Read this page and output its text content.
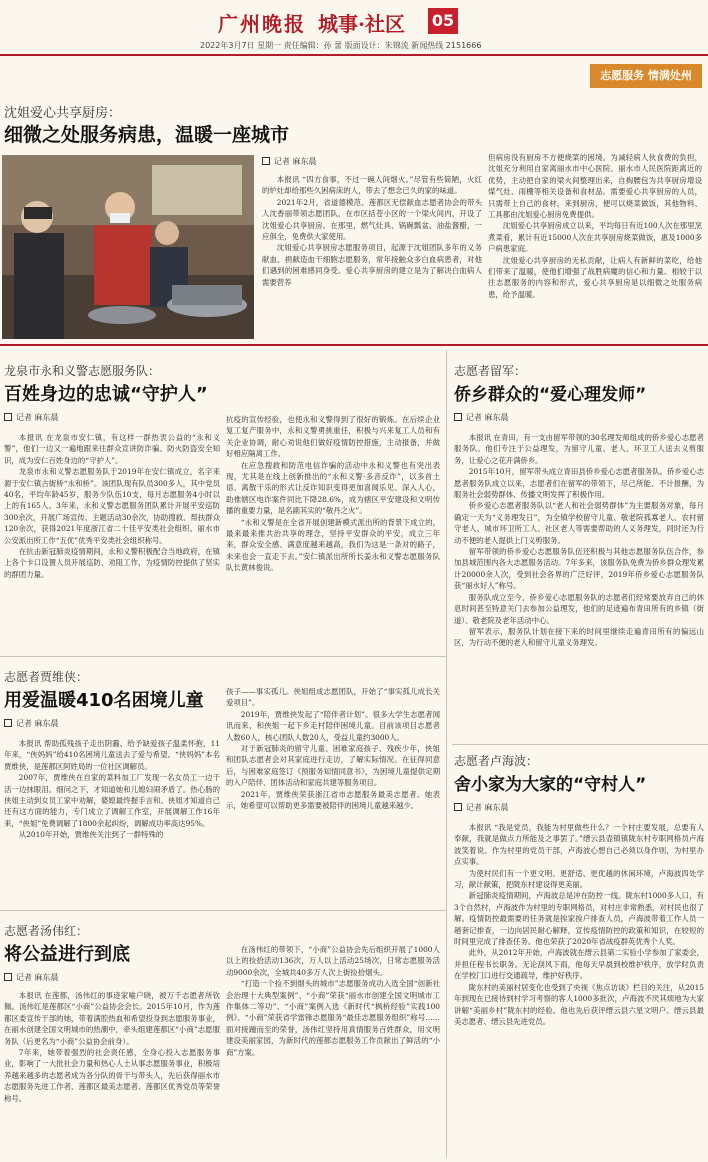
广州晚报 城事·社区 05
2022年3月7日 星期一 责任编辑：孙 蕾 版面设计：朱锦流 新闻热线 2151666
志愿服务 情满处州
沈姐爱心共享厨房：
细微之处服务病患，温暖一座城市
记者 麻东晨

本报讯 “四方食事，不过一碗人间烟火。”尽管有些简陋，火红的炉灶却给那些久困病床的人，带去了想念已久的家的味道。

2021年2月，省道德模范、莲都区无偿献血志愿者协会的带头人沈香丽带领志愿团队，在市区括苍小区的一个梁火间内，开设了沈姐爱心共享厨房。在那里，燃气灶具、锅碗瓢盆、油盐酱醋，一应俱全，免费供大家使用。

沈姐爱心共享厨房志愿服务项目，起源于沈姐团队多年的义务献血、捐献造血干细胞志愿服务，常年接触众多白血病患者，对他们遇到的困难感同身受。爱心共享厨房的建立是为了解决白血病人需要营养

但病房没有厨房不方便烧菜的困境。为减轻病人伙食费的负担，沈姐充分利用自家离丽水市中心医院、丽水市人民医院距离近的优势，主动把自家的梁火间整理出来，自掏腰包为共享厨房增设煤气灶、雨棚等相关设备和食材品。需要爱心共享厨房的人员，只需带上自己的食材，来到厨房，便可以烧菜做饭，其他物料、工具都由沈姐爱心厨房免费提供。

沈姐爱心共享厨房成立以来，平均每日有近100人次在那里烹煮菜肴，累计有近15000人次在共享厨房烧菜做饭，惠及1000多户病患家庭。

沈姐爱心共享厨房的无私贡献，让病人有新鲜的菜吃，给他们带来了温暖，使他们增强了战胜病魔的信心和力量。相较于以往志愿服务的内容和形式，爱心共享厨房是以细微之处服务病患，给予温暖。

龙泉市永和义警志愿服务队：
百姓身边的忠诚“守护人”
记者 麻东晨

本报讯 在龙泉市安仁镇，有这样一群热衷公益的“永和义警”，他们一边又一遍地跟来往群众宣讲防诈骗、防火防盗安全知识，成为安仁百姓身边的“守护人”。

龙泉市永和义警志愿服务队于2019年在安仁镇成立，名字来源于安仁镇古街桥“永和桥”。该团队现有队员300多人，其中党员40名，平均年龄45岁，服务少队伍10支，每月志愿服务4小时以上的有165人。3年来，永和义警志愿服务团队累计开展平安巡防300余次，开展广场宣传、主题活动30余次，协助搜救、帮扶群众120余次，获得2021年度浙江省二十佳平安类社会组织、丽水市公安派出所工作“五优”优秀平安类社会组织称号。

在抗击新冠肺炎疫情期间，永和义警积极配合当地政府，在镇上各个卡口设置人员开展巡防、劝阻工作，为疫情防控提供了坚实的群团力量。

抗疫的宣传经验，也使永和义警得到了很好的锻炼。在后续企业复工复产服务中，永和义警勇挑重任，积极与兴来复工人员和有关企业协调，耐心劝说他们做好疫情防控措施，主动报备，并做好相应隔离工作。

在应急搜救和防范电信诈骗的活动中永和义警也有突出表现，尤其是在线上创新推出的“永和义警·多音反诈”，以多首土语、离散干乐的形式让反诈知识变得更加喜闻乐见、深入人心，助推辖区电诈案件同比下降28.6%，成为辖区平安建设和文明传播的重要力量，是名副其实的“敬丹之火”。

“永和义警是在全省开展创建新模式派出所的背景下成立的，最来最来推共治共享的理念，坚持平安群众的平安，成立三年来，群众安全感、满意度越来越高，我们为这是一条对的路子，未来也会一直走下去。”安仁镇派出所所长姜永和义警志愿服务队队长黄林俊说。

志愿者贾维侠：
用爱温暖410名困境儿童
记者 麻东晨

本报讯 帮助孤残孩子走出阴霾、给予缺爱孩子温柔怀抱，11年来，“侠妈妈”给410名困境儿童送去了爱与希望。“侠妈妈”本名贾维侠，是莲都区阿姓局的一位社区调解员。

2007年，贾维侠在自家的菜料加工厂发现一名女员工一边干活一边抹眼泪。细问之下，才知道她和儿媳妇闹矛盾了。热心肠的侠姐主动到女员工家中劝解，婆媳最终握手言和。侠姐才知道自己还有这方面的能力，专门成立了调解工作室，开展调解工作16年来，“侠姐”免费调解了1800余起纠纷，调解成功率高达95%。

从2010年开始，贾维侠关注到了一群特殊的

孩子——事实孤儿。侠姐组成志愿团队，开始了“事实孤儿成长关爱项目”。

2019年，贾维侠发起了“陪伴者计划”。很多大学生志愿者闻讯而来，和侠姐一起下乡走村陪伴困境儿童。目前该项目志愿者人数60人，核心团队人数20人，受益儿童约3000人。

对于新冠肺炎的留守儿童、困难家庭孩子、残疾少年，侠姐和团队志愿者会对其家庭进行走访，了解实际情况。在征得同意后，与困难家庭签订《预服务知情同意书》，为困境儿童提供定期的入户陪伴、团体活动和家庭共建等服务项目。

2021年，贾维侠荣获浙江省市志愿服务最美志愿者。她表示，她希望可以帮助更多需要被陪伴的困境儿童越来越少。

志愿者汤伟红：
将公益进行到底
记者 麻东晨

本报讯 在莲都，汤伟红的事迹家喻户晓，被万千志愿者所钦佩。汤伟红是莲都区“小商”公益协会会长。2015年10月，作为莲都区委宣传干部的她，带着满腔热血和希望投身到志愿服务事业，在丽水创建全国文明城市的热潮中，牵头组建莲都区“小商”志愿服务队（后更名为“小商”公益协会前身）。

7年来，她带着强烈的社会责任感，全身心投入志愿服务事业，影响了一大批社会力量和热心人士从事志愿服务事业，积极培养越来越多的志愿者成为各分队的骨干与带头人，先后获得丽水市志愿服务先进工作者、莲都区最美志愿者、莲都区优秀党员等荣誉称号。

在汤伟红的带领下，“小商”公益协会先后组织开展了1000人以上的捡拾活动136次，万人以上活动25场次，日常志愿服务活动9000余次，全城共40多万人次上街捡拾烟头。

“打造一个捡不到烟头的城市”志愿服务成功入选全国“创新社会治理十大典型案例”、“小商”荣获“丽水市创建全国文明城市工作集体二等功”、“小商”案例入选《新时代“枫桥经验”实践100例》、“小商”荣获省学雷锋志愿服务“最佳志愿服务组织”称号……面对接踵而至的荣誉，汤伟红坚持用真情服务百姓群众，用文明建设美丽家园，为新时代的莲都志愿服务工作贡献出了鲜活的“小商”方案。

志愿者留军：
侨乡群众的“爱心理发师”
记者 麻东晨

本报讯 在青田，有一支由留军带领的30名理发师组成的侨乡爱心志愿者服务队。他们专注于公益理发，为留守儿童、老人、环卫工人送去义剪服务，让爱心之花开满侨乡。

2015年10月，留军带头成立青田县侨乡爱心志愿者服务队。侨乡爱心志愿者服务队成立以来，志愿者们在留军的带领下，尽己所能、不计报酬，为服务社会弱势群体、传播文明发挥了积极作用。

侨乡爱心志愿者服务队以“老人和社会弱势群体”为主要服务对象，每月确定一天为“义务理发日”，为全镇学校留守儿童、敬老院孤寡老人、农村留守老人、城市环卫所工人、社区老人等需要帮助的人义务理发，同时还为行动不便的老人提供上门义剪服务。

留军带领的侨乡爱心志愿服务队伍还积极与其他志愿服务队伍合作，参加县城范围内各大志愿服务活动。7年多来，该服务队免费为侨乡群众理发累计20000余人次，受到社会各界的广泛好评，2019年侨乡爱心志愿服务队获“丽水好人”称号。

服务队成立至今，侨乡爱心志愿服务队的志愿者们经常要放弃自己的休息时间甚至特意关门去参加公益理发，他们的足迹遍布青田所有的乡镇（街道）、敬老院及老年活动中心。

留军表示，服务队计划在接下来的时间里继续走遍青田所有的偏远山区，为行动不便的老人和留守儿童义务理发。

志愿者卢海波：
舍小家为大家的“守村人”
记者 麻东晨

本报讯 “我是党员，我能为村里做些什么？一个村庄要发展，总要有人奉献，我就是做点力所能及之事罢了。”缙云县壶镇镇陇东村专职网格员卢海波笑着说。作为村里的党员干部，卢海波心想自己必须以身作则，为村里办点实事。

为使村民们有一个更文明、更舒适、更优越的休闲环境，卢海波四处学习，献计献策，把陇东村建设得更美丽。

新冠肺炎疫情期间，卢海波总是冲在防控一线。陇东村1000多人口，有3个自然村，卢海波作为村里的专职网格员，对村庄非常熟悉，对村民也很了解。疫情防控最需要的任务就是挨家挨户排查人员，卢海波带着工作人员一趟套记排查，一边向居民耐心解释，宣传疫情防控的政策和知识，在较短的时间里完成了排查任务。他也荣获了2020年省战疫群英优秀个人奖。

此外，从2012年开始，卢海波就在缙云县第二实验小学参加了家委会，并担任程书长职务。无论刮风下雨，他每天早晨到校维护秩序，放学时负责在学校门口进行交通疏导，维护好秩序。

陇东村的美丽村居变化也受到了央视《焦点访谈》栏目的关注，从2015年到现在已接待到村学习考察的客人1000多批次，卢海波不厌其烦地为大家讲解“美丽乡村”陇东村的经验。他也先后获评缙云县六星文明户、缙云县最美志愿者、缙云县先进党员。
